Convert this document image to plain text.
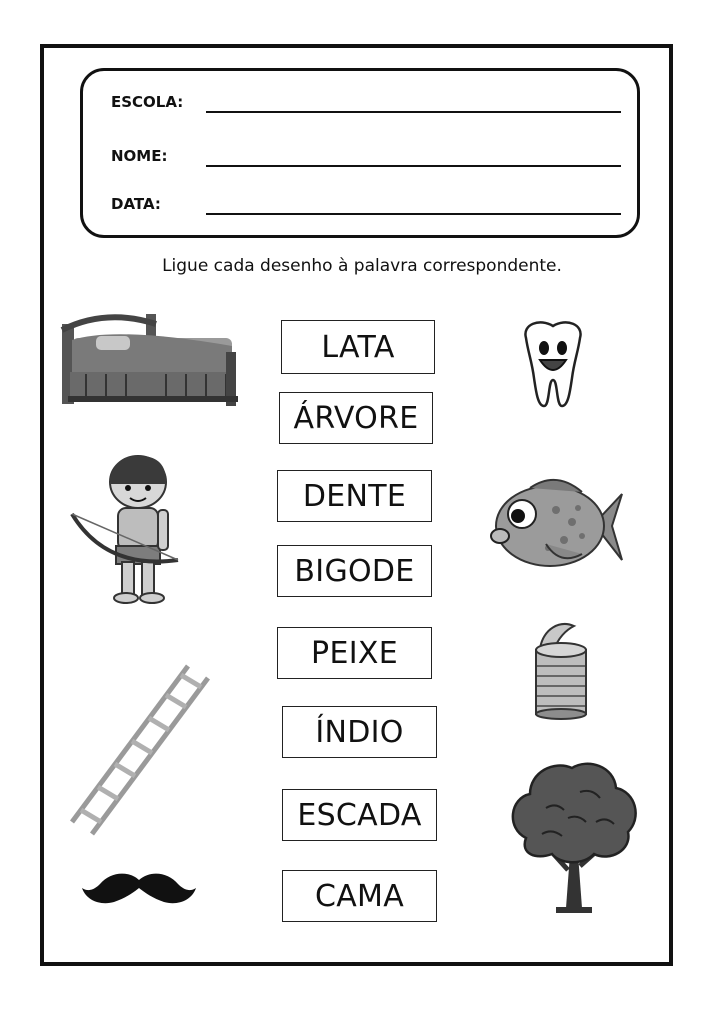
ESCOLA:
NOME:
DATA:
Ligue cada desenho à palavra correspondente.
LATA
ÁRVORE
DENTE
BIGODE
PEIXE
ÍNDIO
ESCADA
CAMA
